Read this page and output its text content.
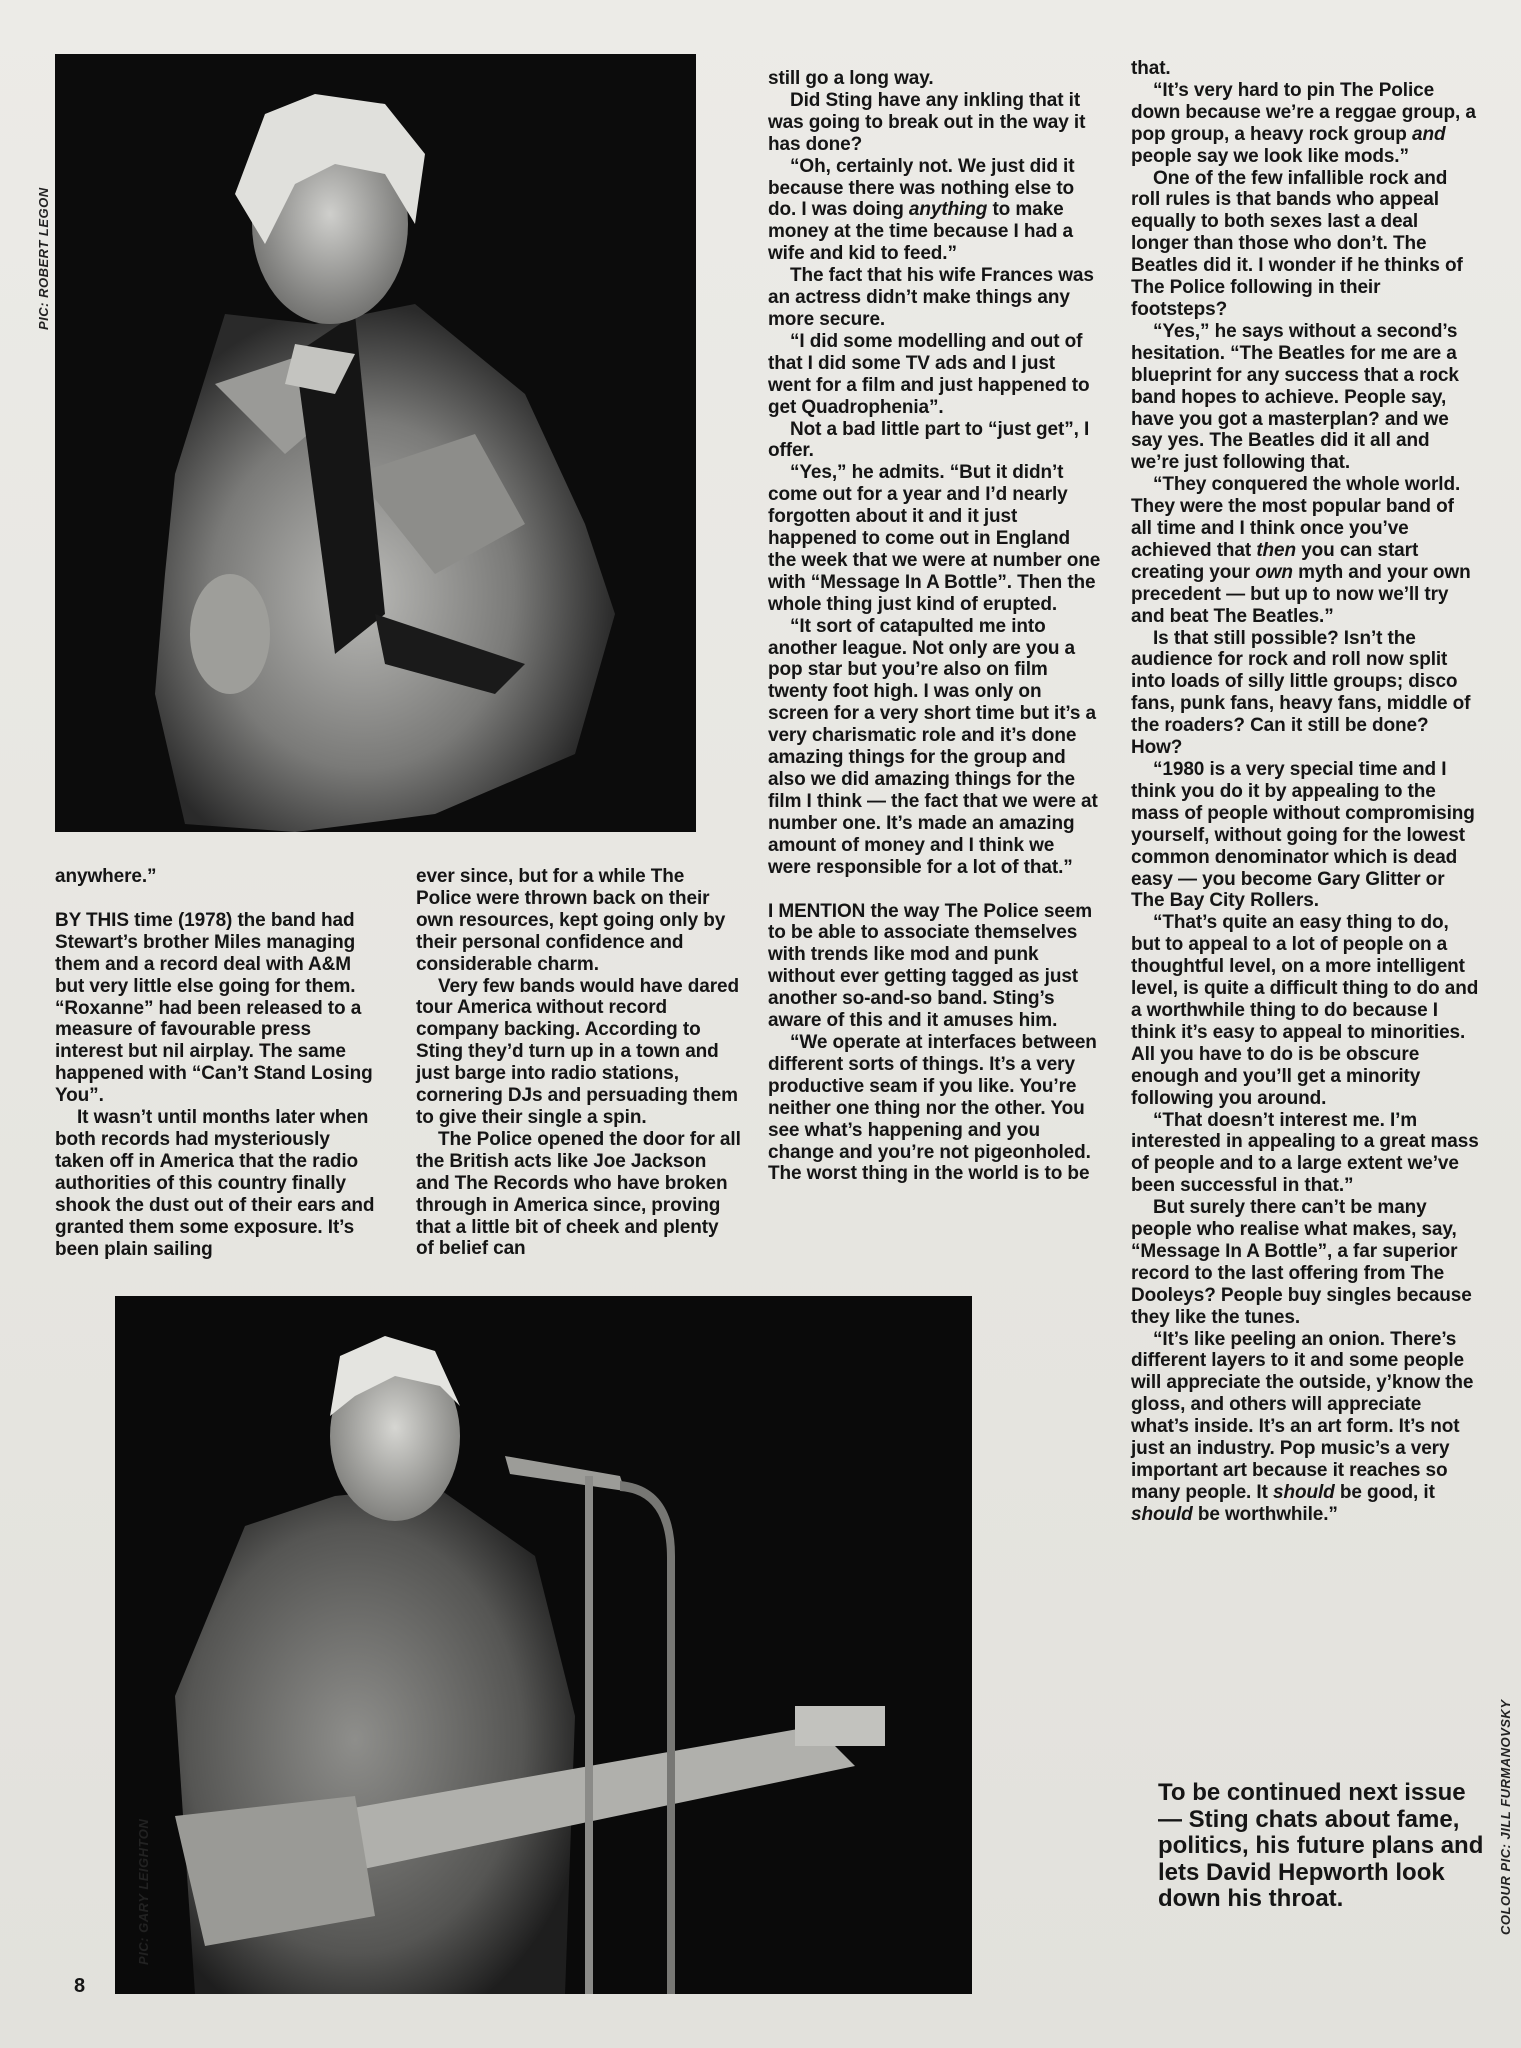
PIC: ROBERT LEGON
PIC: GARY LEIGHTON	COLOUR PIC: JILL FURMANOVSKY

anywhere.”

BY THIS time (1978) the band had Stewart’s brother Miles managing them and a record deal with A&M but very little else going for them. “Roxanne” had been released to a measure of favourable press interest but nil airplay. The same happened with “Can’t Stand Losing You”.

It wasn’t until months later when both records had mysteriously taken off in America that the radio authorities of this country finally shook the dust out of their ears and granted them some exposure. It’s been plain sailing

ever since, but for a while The Police were thrown back on their own resources, kept going only by their personal confidence and considerable charm.

Very few bands would have dared tour America without record company backing. According to Sting they’d turn up in a town and just barge into radio stations, cornering DJs and persuading them to give their single a spin.

The Police opened the door for all the British acts like Joe Jackson and The Records who have broken through in America since, proving that a little bit of cheek and plenty of belief can

still go a long way.

Did Sting have any inkling that it was going to break out in the way it has done?

“Oh, certainly not. We just did it because there was nothing else to do. I was doing anything to make money at the time because I had a wife and kid to feed.”

The fact that his wife Frances was an actress didn’t make things any more secure.

“I did some modelling and out of that I did some TV ads and I just went for a film and just happened to get Quadrophenia”.

Not a bad little part to “just get”, I offer.

“Yes,” he admits. “But it didn’t come out for a year and I’d nearly forgotten about it and it just happened to come out in England the week that we were at number one with “Message In A Bottle”. Then the whole thing just kind of erupted.

“It sort of catapulted me into another league. Not only are you a pop star but you’re also on film twenty foot high. I was only on screen for a very short time but it’s a very charismatic role and it’s done amazing things for the group and also we did amazing things for the film I think — the fact that we were at number one. It’s made an amazing amount of money and I think we were responsible for a lot of that.”

I MENTION the way The Police seem to be able to associate themselves with trends like mod and punk without ever getting tagged as just another so-and-so band. Sting’s aware of this and it amuses him.

“We operate at interfaces between different sorts of things. It’s a very productive seam if you like. You’re neither one thing nor the other. You see what’s happening and you change and you’re not pigeonholed. The worst thing in the world is to be

that.

“It’s very hard to pin The Police down because we’re a reggae group, a pop group, a heavy rock group and people say we look like mods.”

One of the few infallible rock and roll rules is that bands who appeal equally to both sexes last a deal longer than those who don’t. The Beatles did it. I wonder if he thinks of The Police following in their footsteps?

“Yes,” he says without a second’s hesitation. “The Beatles for me are a blueprint for any success that a rock band hopes to achieve. People say, have you got a masterplan? and we say yes. The Beatles did it all and we’re just following that.

“They conquered the whole world. They were the most popular band of all time and I think once you’ve achieved that then you can start creating your own myth and your own precedent — but up to now we’ll try and beat The Beatles.”

Is that still possible? Isn’t the audience for rock and roll now split into loads of silly little groups; disco fans, punk fans, heavy fans, middle of the roaders? Can it still be done? How?

“1980 is a very special time and I think you do it by appealing to the mass of people without compromising yourself, without going for the lowest common denominator which is dead easy — you become Gary Glitter or The Bay City Rollers.

“That’s quite an easy thing to do, but to appeal to a lot of people on a thoughtful level, on a more intelligent level, is quite a difficult thing to do and a worthwhile thing to do because I think it’s easy to appeal to minorities. All you have to do is be obscure enough and you’ll get a minority following you around.

“That doesn’t interest me. I’m interested in appealing to a great mass of people and to a large extent we’ve been successful in that.”

But surely there can’t be many people who realise what makes, say, “Message In A Bottle”, a far superior record to the last offering from The Dooleys? People buy singles because they like the tunes.

“It’s like peeling an onion. There’s different layers to it and some people will appreciate the outside, y’know the gloss, and others will appreciate what’s inside. It’s an art form. It’s not just an industry. Pop music’s a very important art because it reaches so many people. It should be good, it should be worthwhile.”

To be continued next issue — Sting chats about fame, politics, his future plans and lets David Hepworth look down his throat.
8
